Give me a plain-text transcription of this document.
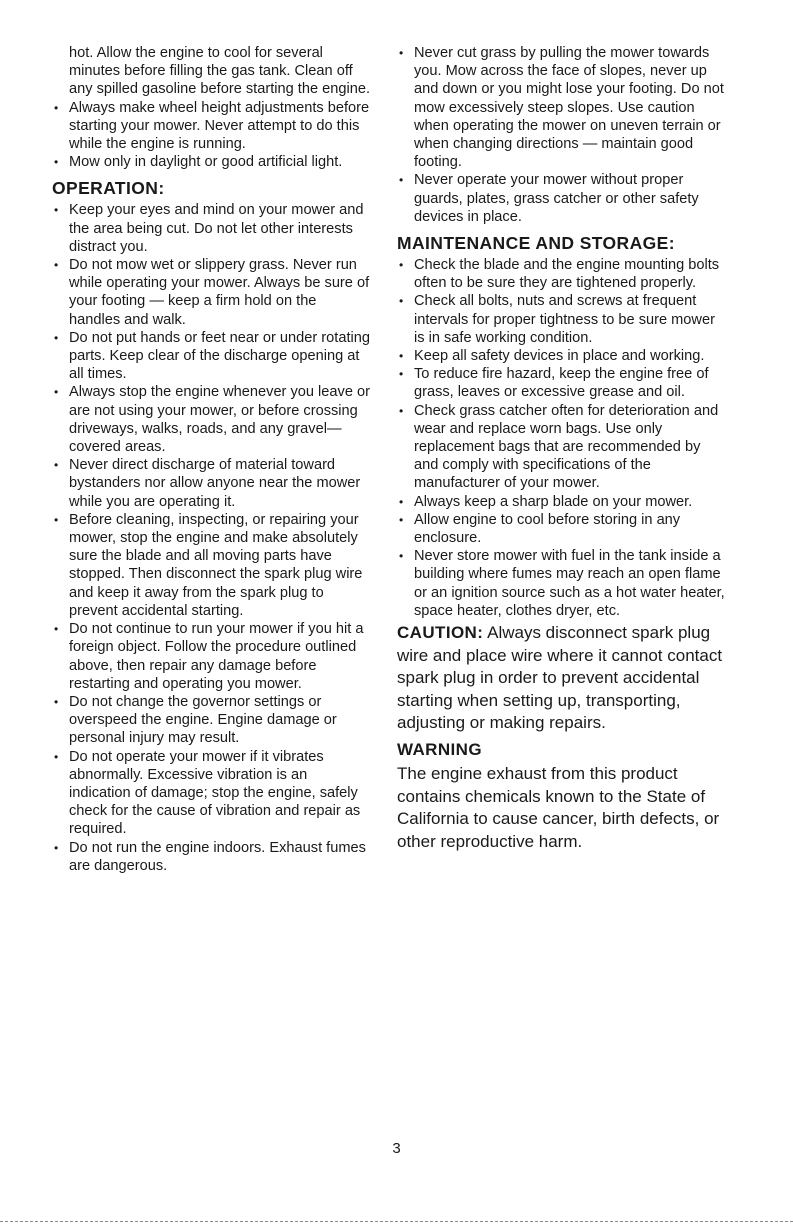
hot. Allow the engine to cool for several minutes before filling the gas tank. Clean off any spilled gasoline before starting the engine.

• Always make wheel height adjustments before starting your mower. Never attempt to do this while the engine is running.
• Mow only in daylight or good artificial light.
OPERATION:
• Keep your eyes and mind on your mower and the area being cut. Do not let other interests distract you.
• Do not mow wet or slippery grass. Never run while operating your mower. Always be sure of your footing — keep a firm hold on the handles and walk.
• Do not put hands or feet near or under rotating parts. Keep clear of the discharge opening at all times.
• Always stop the engine whenever you leave or are not using your mower, or before crossing driveways, walks, roads, and any gravel—covered areas.
• Never direct discharge of material toward bystanders nor allow anyone near the mower while you are operating it.
• Before cleaning, inspecting, or repairing your mower, stop the engine and make absolutely sure the blade and all moving parts have stopped. Then disconnect the spark plug wire and keep it away from the spark plug to prevent accidental starting.
• Do not continue to run your mower if you hit a foreign object. Follow the procedure outlined above, then repair any damage before restarting and operating you mower.
• Do not change the governor settings or overspeed the engine. Engine damage or personal injury may result.
• Do not operate your mower if it vibrates abnormally. Excessive vibration is an indication of damage; stop the engine, safely check for the cause of vibration and repair as required.
• Do not run the engine indoors. Exhaust fumes are dangerous.
• Never cut grass by pulling the mower towards you. Mow across the face of slopes, never up and down or you might lose your footing. Do not mow excessively steep slopes. Use caution when operating the mower on uneven terrain or when changing directions — maintain good footing.
• Never operate your mower without proper guards, plates, grass catcher or other safety devices in place.
MAINTENANCE AND STORAGE:
• Check the blade and the engine mounting bolts often to be sure they are tightened properly.
• Check all bolts, nuts and screws at frequent intervals for proper tightness to be sure mower is in safe working condition.
• Keep all safety devices in place and working.
• To reduce fire hazard, keep the engine free of grass, leaves or excessive grease and oil.
• Check grass catcher often for deterioration and wear and replace worn bags. Use only replacement bags that are recommended by and comply with specifications of the manufacturer of your mower.
• Always keep a sharp blade on your mower.
• Allow engine to cool before storing in any enclosure.
• Never store mower with fuel in the tank inside a building where fumes may reach an open flame or an ignition source such as a hot water heater, space heater, clothes dryer, etc.

CAUTION: Always disconnect spark plug wire and place wire where it cannot contact spark plug in order to prevent accidental starting when setting up, transporting, adjusting or making repairs.

WARNING

The engine exhaust from this product contains chemicals known to the State of California to cause cancer, birth defects, or other reproductive harm.

3
